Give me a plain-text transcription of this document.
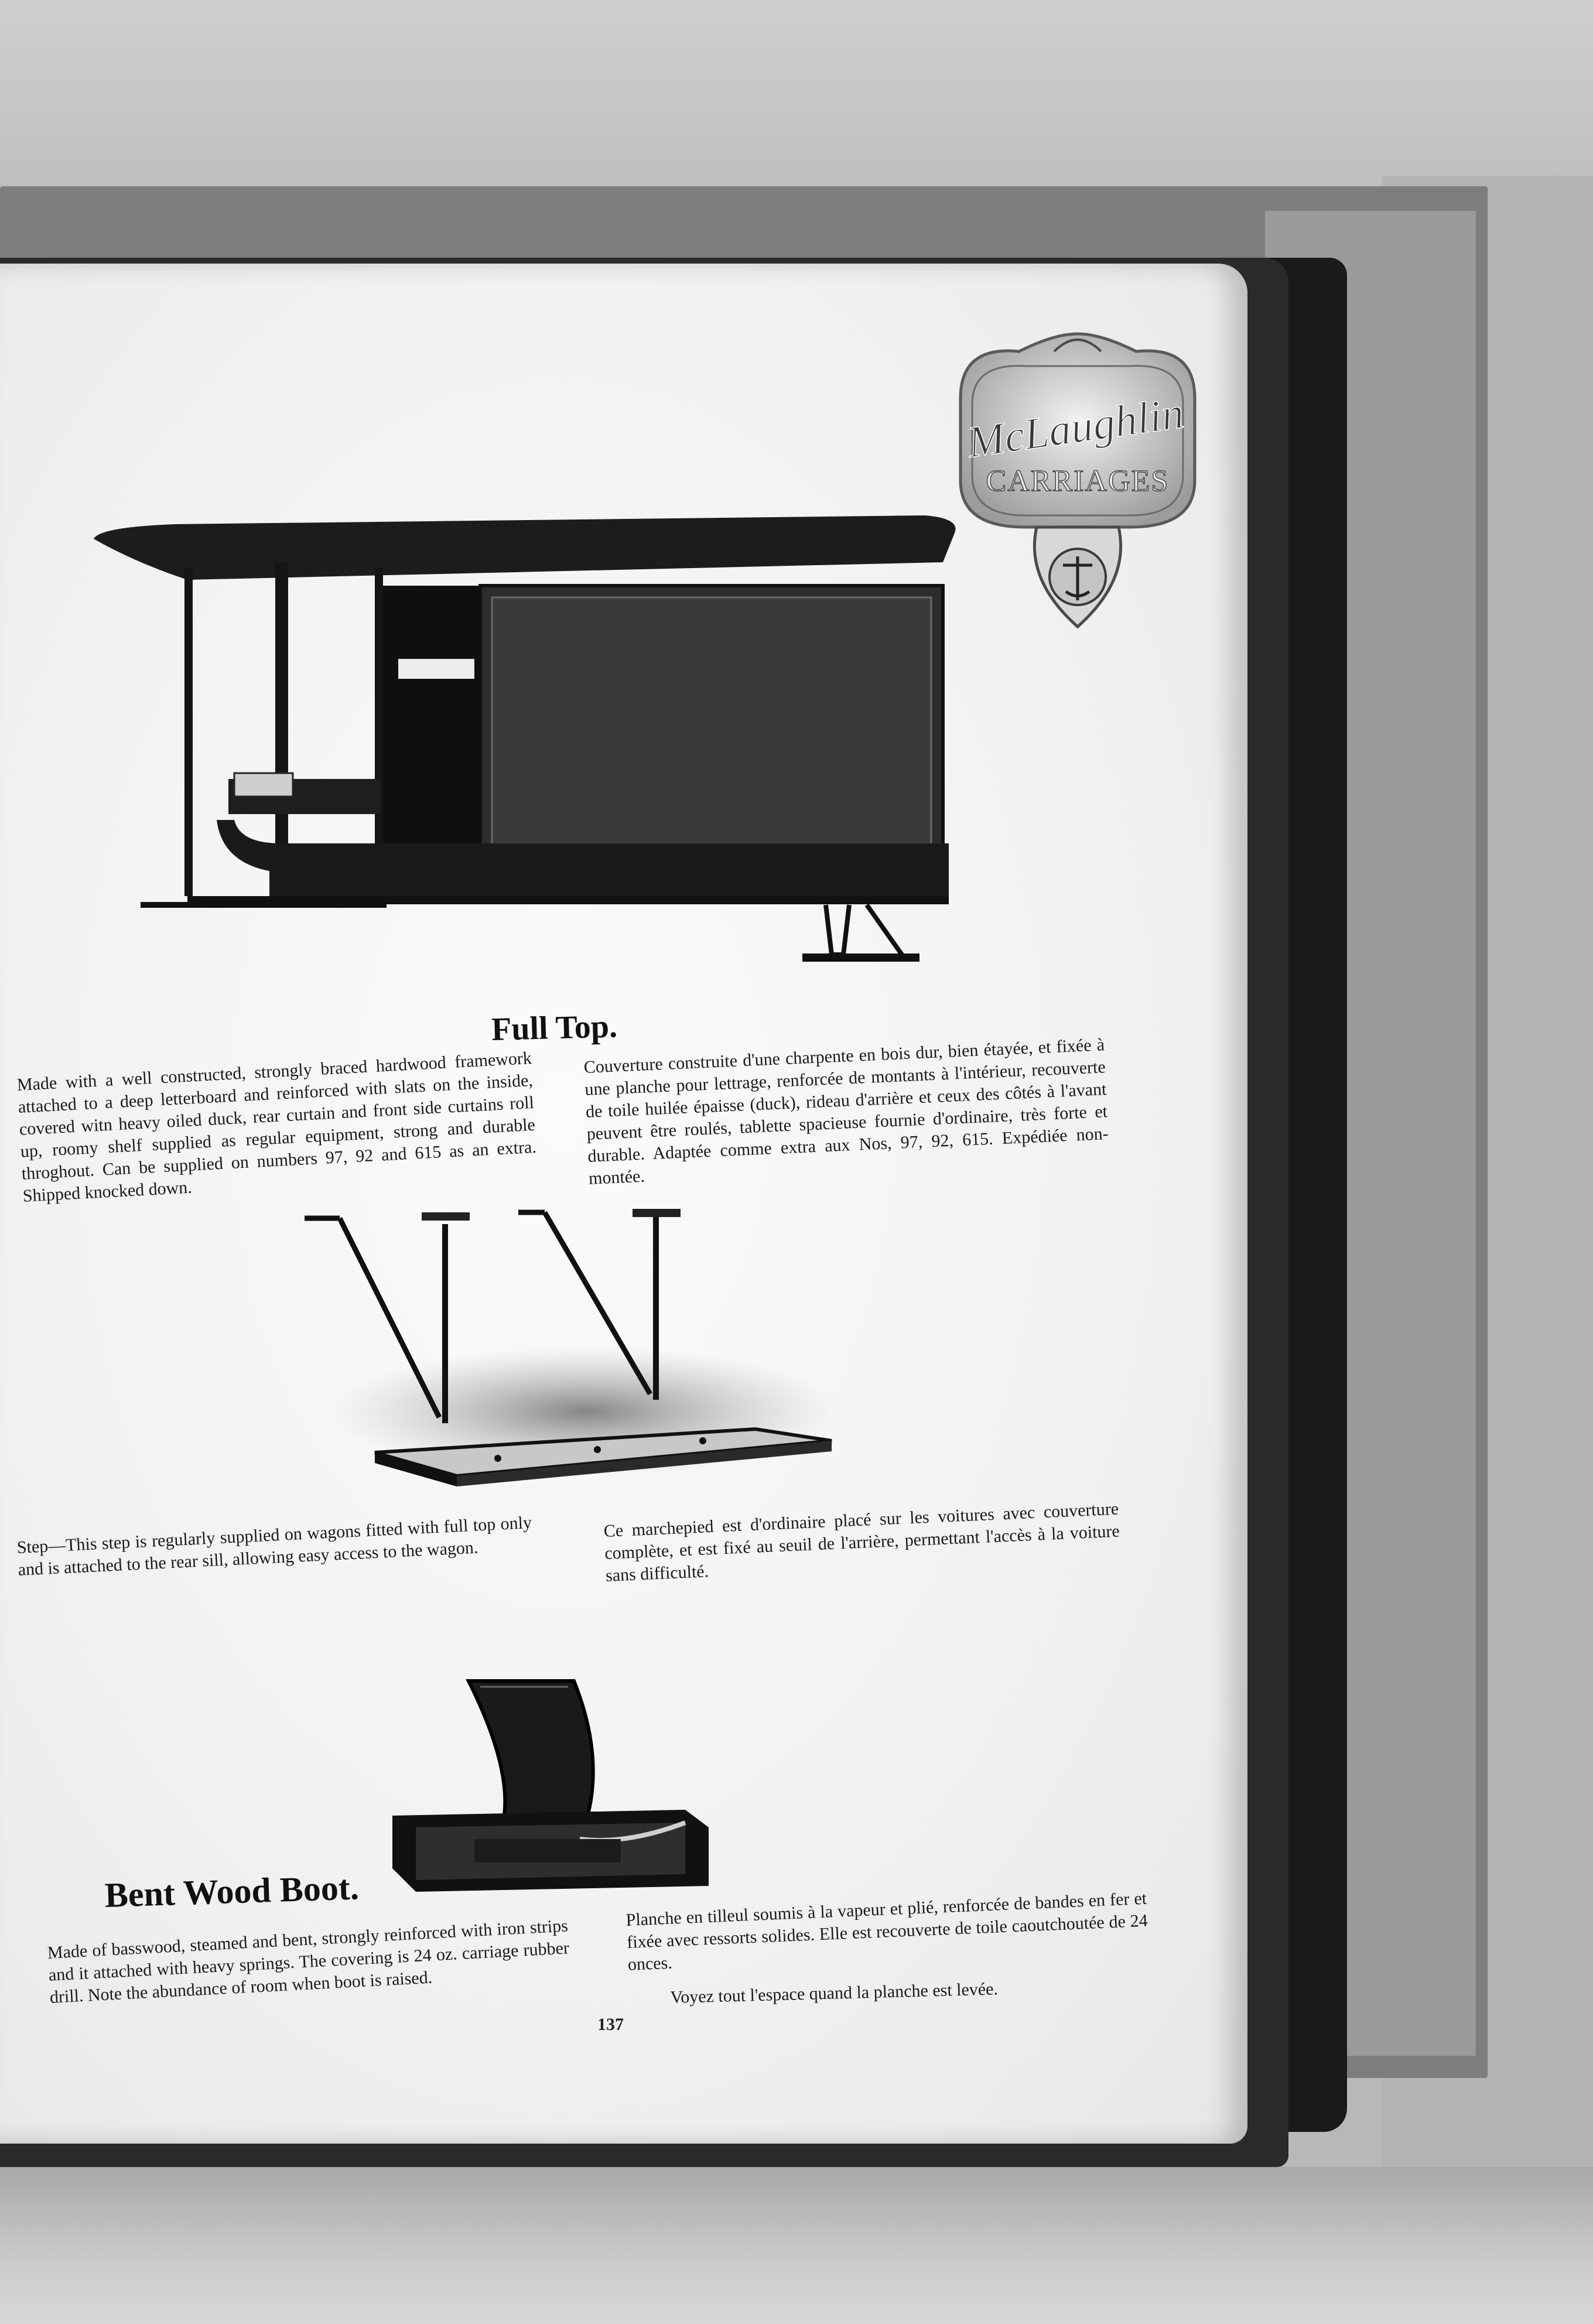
McLaughlin
CARRIAGES
Full Top.
Made with a well constructed, strongly braced hardwood framework attached to a deep letterboard and reinforced with slats on the inside, covered witn heavy oiled duck, rear curtain and front side curtains roll up, roomy shelf supplied as regular equipment, strong and durable throghout. Can be supplied on numbers 97, 92 and 615 as an extra. Shipped knocked down.
Couverture construite d'une charpente en bois dur, bien étayée, et fixée à une planche pour lettrage, renforcée de montants à l'intérieur, recouverte de toile huilée épaisse (duck), rideau d'arrière et ceux des côtés à l'avant peuvent être roulés, tablette spacieuse fournie d'ordinaire, très forte et durable. Adaptée comme extra aux Nos, 97, 92, 615. Expédiée non-montée.
Step—This step is regularly supplied on wagons fitted with full top only and is attached to the rear sill, allowing easy access to the wagon.
Ce marchepied est d'ordinaire placé sur les voitures avec couverture complète, et est fixé au seuil de l'arrière, permettant l'accès à la voiture sans difficulté.
Bent Wood Boot.
Made of basswood, steamed and bent, strongly reinforced with iron strips and it attached with heavy springs. The covering is 24 oz. carriage rubber drill. Note the abundance of room when boot is raised.
Planche en tilleul soumis à la vapeur et plié, renforcée de bandes en fer et fixée avec ressorts solides. Elle est recouverte de toile caoutchoutée de 24 onces.
Voyez tout l'espace quand la planche est levée.
137
